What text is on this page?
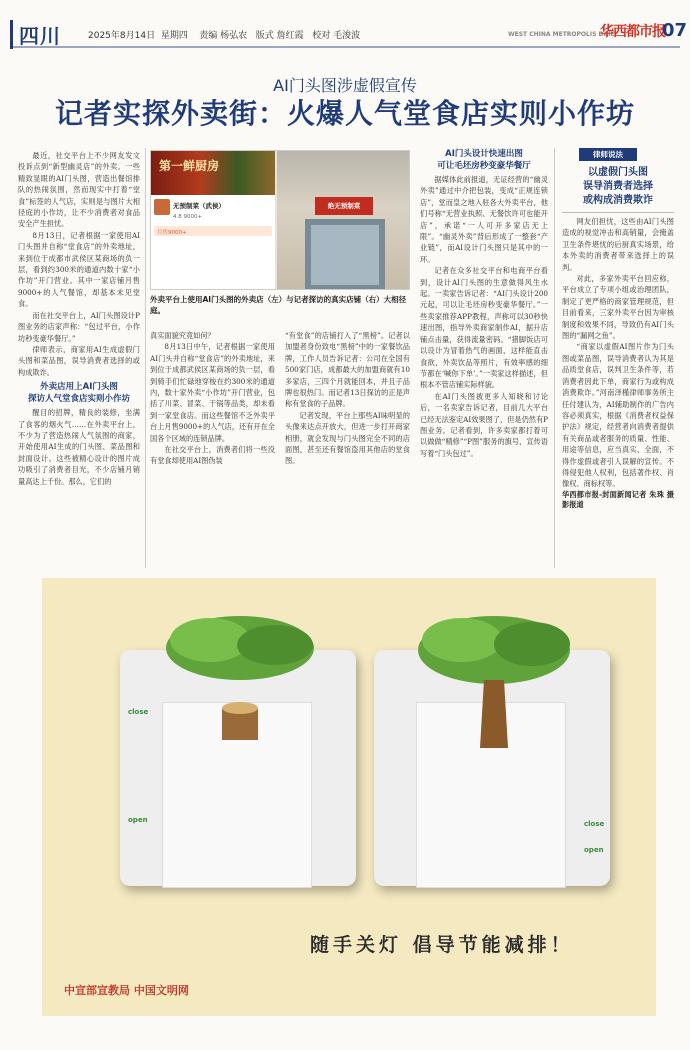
四川	2025年8月14日 星期四 责编 杨弘农 版式 詹红霞 校对 毛浚波	WEST CHINA METROPOLIS DAILY
华西都市报
07
AI门头图涉虚假宣传
记者实探外卖街：火爆人气堂食店实则小作坊

最近，社交平台上不少网友发文投诉点到“新型幽灵店”的外卖。一些精致显眼的AI门头图，营造出餐馆排队的热闹氛围，然而现实中打着“堂食”标签的人气店，实则是与图片大相径庭的小作坊，让不少消费者对食品安全产生担忧。

8月13日，记者根据一家使用AI门头图并自称“堂食店”的外卖地址，来到位于成都市武侯区某商场的负一层，看到约300米的通道内数十家“小作坊”开门营业。其中一家店铺月售9000+的人气餐馆，却基本未见堂食。

而在社交平台上，AI门头图设计P图业务的店家声称：“包过平台，小作坊秒变豪华餐厅。”

律师表示，商家用AI生成虚假门头图和菜品图，误导消费者选择的或构成欺诈。

外卖店用上AI门头图
探访人气堂食店实则小作坊

醒目的招牌，精良的装修，坐满了食客的烟火气……在外卖平台上，不少为了营造热闹人气氛围的商家，开始使用AI生成的门头图、菜品图和封面设计。这些被精心设计的图片成功吸引了消费者目光，不少店铺月销量高达上千份。那么，它们的

第一鲜厨房
无预制菜（武侯）
4.8 9000+
月售9000+
绝无预制菜
外卖平台上使用AI门头图的外卖店（左）与记者探访的真实店铺（右）大相径庭。

真实面貌究竟如何？

8月13日中午，记者根据一家使用AI门头并自称“堂食店”的外卖地址，来到位于成都武侯区某商场的负一层，看到骑手们忙碌地穿梭在约300米的通道内，数十家外卖“小作坊”开门营业，包括了川菜、冒菜、干锅等品类，却未看到一家堂食店。而这些餐馆不乏外卖平台上月售9000+的人气店，还有开在全国各个区域的连锁品牌。

在社交平台上，消费者们将一些没有堂食却使用AI图伪装

“有堂食”的店铺打入了“黑榜”。记者以加盟者身份致电“黑榜”中的一家餐饮品牌，工作人员告诉记者：公司在全国有500家门店，成都最大的加盟商就有10多家店，三四个月就能回本，并且子品牌也很热门。而记者13日探访的正是声称有堂食的子品牌。

记者发现，平台上那些AI味明显的头像来达点开放大，但进一步打开商家相册，就会发现与门头图完全不同的店面图，甚至还有餐馆盗用其他店的堂食图。

AI门头设计快速出图
可让毛坯房秒变豪华餐厅

据媒体此前报道，无证经营的“幽灵外卖”通过中介把包装，变成“正规连锁店”，堂而皇之地入驻各大外卖平台，他们号称“无营业执照、无餐饮许可也能开店”，承诺“一人可开多家店无上限”。“幽灵外卖”背后形成了一整套“产业链”，而AI设计门头图只是其中的一环。

记者在众多社交平台和电商平台看到，设计AI门头图的生意做得风生水起。一卖家告诉记者：“AI门头设计200元起，可以让毛坯房秒变豪华餐厅。”一些卖家推荐APP教程，声称可以30秒快速出图，指导外卖商家制作AI，据升店铺点击量，获得流量密码。“猪脚饭店可以设计为冒着热气的画面，这样能直击食欲，外卖饮品等照片，有效率感的细节都在‘喊你下单’。”一卖家这样描述，但根本不管店铺实际样貌。

在AI门头图被更多人知晓和讨论后，一名卖家告诉记者，目前几大平台已经无法鉴定AI效果图了，但是仍然有P图业务。记者看到，许多卖家都打着可以做做“精修”“P图”服务的旗号，宣传语写着“门头包过”。

律师说法
以虚假门头图
误导消费者选择
或构成消费欺诈

网友们担忧，这些由AI门头图造成的视觉冲击和高销量，会掩盖卫生条件堪忧的后厨真实场景，给本外卖的消费者带来选择上的误判。

对此，多家外卖平台回应称，平台成立了专项小组或治理团队，制定了更严格的商家管理规范，但目前看来，三家外卖平台因为审核制度和效果不同，导致仍有AI门头图的“漏网之鱼”。

“商家以虚假AI图片作为门头图或菜品图，误导消费者认为其是品质堂食店，误判卫生条件等，若消费者因此下单，商家行为或构成消费欺诈。”河南泽槿律师事务所主任付建认为，AI辅助制作的广告内容必须真实，根据《消费者权益保护法》规定，经营者向消费者提供有关商品或者服务的质量、性能、用途等信息，应当真实、全面，不得作虚假或者引人误解的宣传。不得侵犯他人权利，包括著作权、肖像权、商标权等。

华西都市报-封面新闻记者 朱珠 摄影报道

close
open	close
open
随手关灯 倡导节能减排！
中宣部宣教局 中国文明网
